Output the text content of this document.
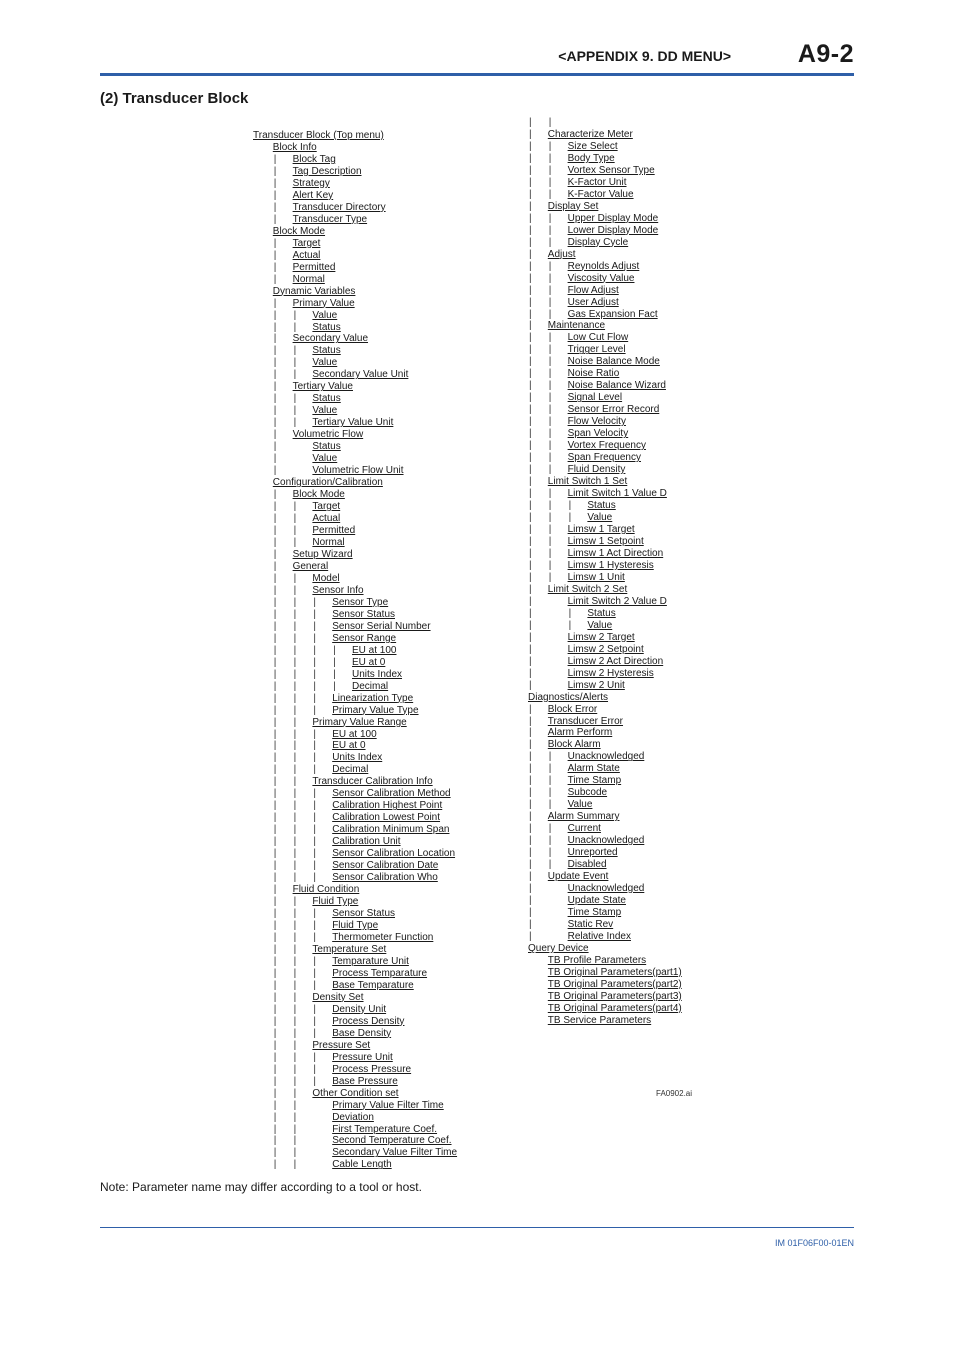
<APPENDIX 9. DD MENU>	A9-2
(2) Transducer Block
Transducer Block (Top menu)
Block Info
| Block Tag
| Tag Description
| Strategy
| Alert Key
| Transducer Directory
| Transducer Type
Block Mode
| Target
| Actual
| Permitted
| Normal
Dynamic Variables
| Primary Value
| | Value
| | Status
| Secondary Value
| | Status
| | Value
| | Secondary Value Unit
| Tertiary Value
| | Status
| | Value
| | Tertiary Value Unit
| Volumetric Flow
|	Status
|	Value
|	Volumetric Flow Unit
Configuration/Calibration
| Block Mode
| | Target
| | Actual
| | Permitted
| | Normal
| Setup Wizard
| General
| | Model
| | Sensor Info
| | | Sensor Type
| | | Sensor Status
| | | Sensor Serial Number
| | | Sensor Range
| | | | EU at 100
| | | | EU at 0
| | | | Units Index
| | | | Decimal
| | | Linearization Type
| | | Primary Value Type
| | Primary Value Range
| | | EU at 100
| | | EU at 0
| | | Units Index
| | | Decimal
| | Transducer Calibration Info
| | | Sensor Calibration Method
| | | Calibration Highest Point
| | | Calibration Lowest Point
| | | Calibration Minimum Span
| | | Calibration Unit
| | | Sensor Calibration Location
| | | Sensor Calibration Date
| | | Sensor Calibration Who
| Fluid Condition
| | Fluid Type
| | | Sensor Status
| | | Fluid Type
| | | Thermometer Function
| | Temperature Set
| | | Temparature Unit
| | | Process Temparature
| | | Base Temparature
| | Density Set
| | | Density Unit
| | | Process Density
| | | Base Density
| | Pressure Set
| | | Pressure Unit
| | | Process Pressure
| | | Base Pressure
| | Other Condition set
| |	Primary Value Filter Time
| |	Deviation
| |	First Temperature Coef.
| |	Second Temperature Coef.
| |	Secondary Value Filter Time
| |	Cable Length
| |
| Characterize Meter
| | Size Select
| | Body Type
| | Vortex Sensor Type
| | K-Factor Unit
| | K-Factor Value
| Display Set
| | Upper Display Mode
| | Lower Display Mode
| | Display Cycle
| Adjust
| | Reynolds Adjust
| | Viscosity Value
| | Flow Adjust
| | User Adjust
| | Gas Expansion Fact
| Maintenance
| | Low Cut Flow
| | Trigger Level
| | Noise Balance Mode
| | Noise Ratio
| | Noise Balance Wizard
| | Signal Level
| | Sensor Error Record
| | Flow Velocity
| | Span Velocity
| | Vortex Frequency
| | Span Frequency
| | Fluid Density
| Limit Switch 1 Set
| | Limit Switch 1 Value D
| | | Status
| | | Value
| | Limsw 1 Target
| | Limsw 1 Setpoint
| | Limsw 1 Act Direction
| | Limsw 1 Hysteresis
| | Limsw 1 Unit
| Limit Switch 2 Set
|	Limit Switch 2 Value D
|	| Status
|	| Value
|	Limsw 2 Target
|	Limsw 2 Setpoint
|	Limsw 2 Act Direction
|	Limsw 2 Hysteresis
|	Limsw 2 Unit
Diagnostics/Alerts
| Block Error
| Transducer Error
| Alarm Perform
| Block Alarm
| | Unacknowledged
| | Alarm State
| | Time Stamp
| | Subcode
| | Value
| Alarm Summary
| | Current
| | Unacknowledged
| | Unreported
| | Disabled
| Update Event
|	Unacknowledged
|	Update State
|	Time Stamp
|	Static Rev
|	Relative Index
Query Device
TB Profile Parameters
TB Original Parameters(part1)
TB Original Parameters(part2)
TB Original Parameters(part3)
TB Original Parameters(part4)
TB Service Parameters
FA0902.ai
Note: Parameter name may differ according to a tool or host.
IM 01F06F00-01EN
